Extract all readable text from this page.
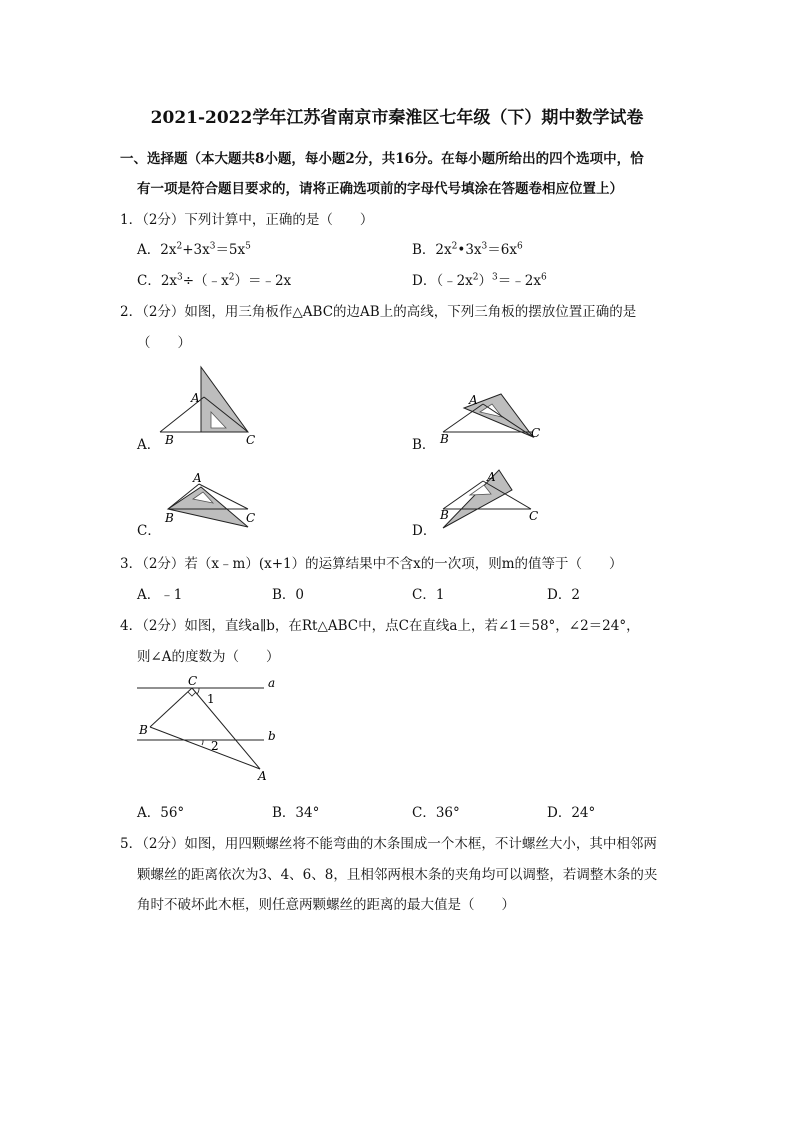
2021-2022学年江苏省南京市秦淮区七年级（下）期中数学试卷
一、选择题（本大题共8小题，每小题2分，共16分。在每小题所给出的四个选项中，恰
有一项是符合题目要求的，请将正确选项前的字母代号填涂在答题卷相应位置上）
1．（2分）下列计算中，正确的是（　　）
A．$2x^2+3x^3=5x^5$	B．$2x^2•3x^3=6x^6$
C．$2x^3\div(﹣x^2)=﹣2x$	D．$(﹣2x^2)^3=﹣2x^6$
2．（2分）如图，用三角板作△ABC的边AB上的高线，下列三角板的摆放位置正确的是
（　　）
A．	B．
C．	D．
A
B	C
A
B	C
A
B	C
A
B	C
C	a
1
B	b
2
A
3．（2分）若（x﹣m）(x+1）的运算结果中不含x的一次项，则m的值等于（　　）
A．﹣1	B．0	C．1	D．2
4．（2分）如图，直线a∥b，在Rt△ABC中，点C在直线a上，若∠1＝58°，∠2＝24°，
则∠A的度数为（　　）
A．56°	B．34°	C．36°	D．24°
5．（2分）如图，用四颗螺丝将不能弯曲的木条围成一个木框，不计螺丝大小，其中相邻两
颗螺丝的距离依次为3、4、6、8，且相邻两根木条的夹角均可以调整，若调整木条的夹
角时不破坏此木框，则任意两颗螺丝的距离的最大值是（　　）
